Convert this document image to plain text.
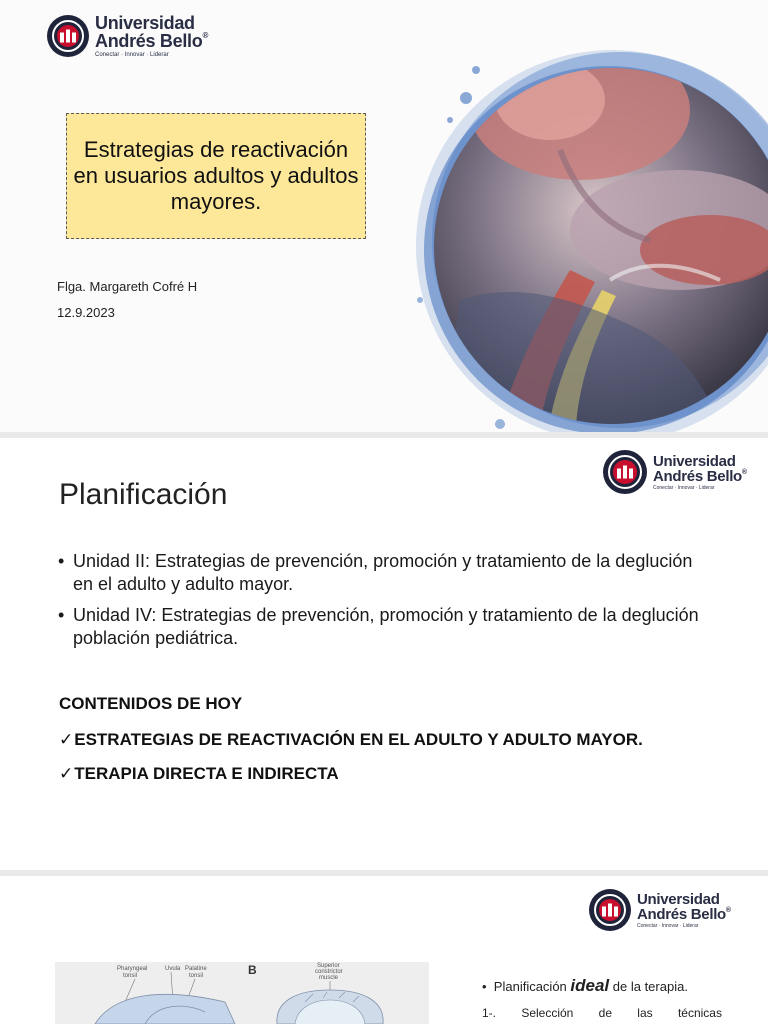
Universidad
Andrés Bello®
Conectar · Innovar · Liderar
Estrategias de reactivación en usuarios adultos y adultos mayores.
Flga. Margareth Cofré H
12.9.2023
Universidad
Andrés Bello®
Conectar · Innovar · Liderar
Planificación
• Unidad II: Estrategias de prevención, promoción y tratamiento de la deglución en el adulto y adulto mayor.
• Unidad IV: Estrategias de prevención, promoción y tratamiento de la deglución población pediátrica.
CONTENIDOS DE HOY
✓ESTRATEGIAS DE REACTIVACIÓN EN EL ADULTO Y ADULTO MAYOR.
✓TERAPIA DIRECTA E INDIRECTA
Universidad
Andrés Bello®
Conectar · Innovar · Liderar
Pharyngeal
tonsil
Uvula Palatine
tonsil	B	Superior
constrictor
muscle
• Planificación ideal de la terapia.
1-. Selección de las técnicas
